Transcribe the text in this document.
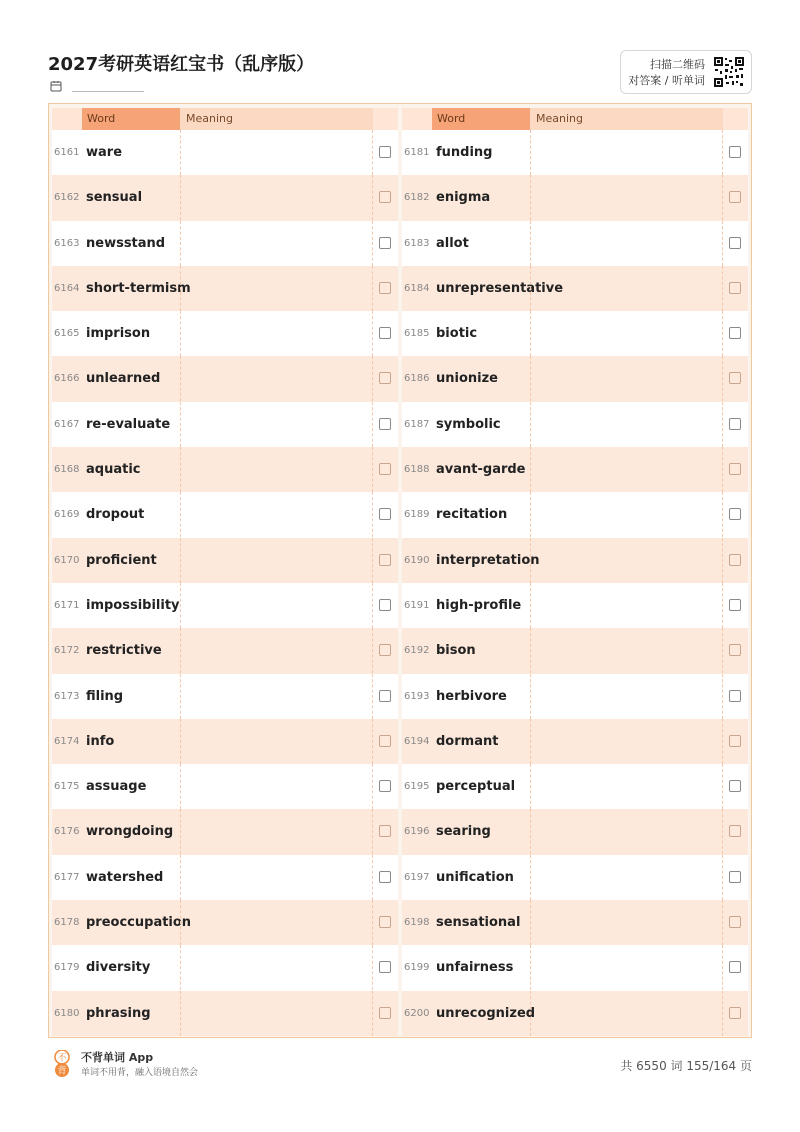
2027考研英语红宝书（乱序版）	扫描二维码
对答案 / 听单词
Word	Meaning
6161 ware
6162 sensual
6163 newsstand
6164 short-termism
6165 imprison
6166 unlearned
6167 re-evaluate
6168 aquatic
6169 dropout
6170 proficient
6171 impossibility
6172 restrictive
6173 filing
6174 info
6175 assuage
6176 wrongdoing
6177 watershed
6178 preoccupation
6179 diversity
6180 phrasing
Word	Meaning
6181 funding
6182 enigma
6183 allot
6184 unrepresentative
6185 biotic
6186 unionize
6187 symbolic
6188 avant-garde
6189 recitation
6190 interpretation
6191 high-profile
6192 bison
6193 herbivore
6194 dormant
6195 perceptual
6196 searing
6197 unification
6198 sensational
6199 unfairness
6200 unrecognized
不
背
不背单词 App
单词不用背，融入语境自然会	共 6550 词 155/164 页
